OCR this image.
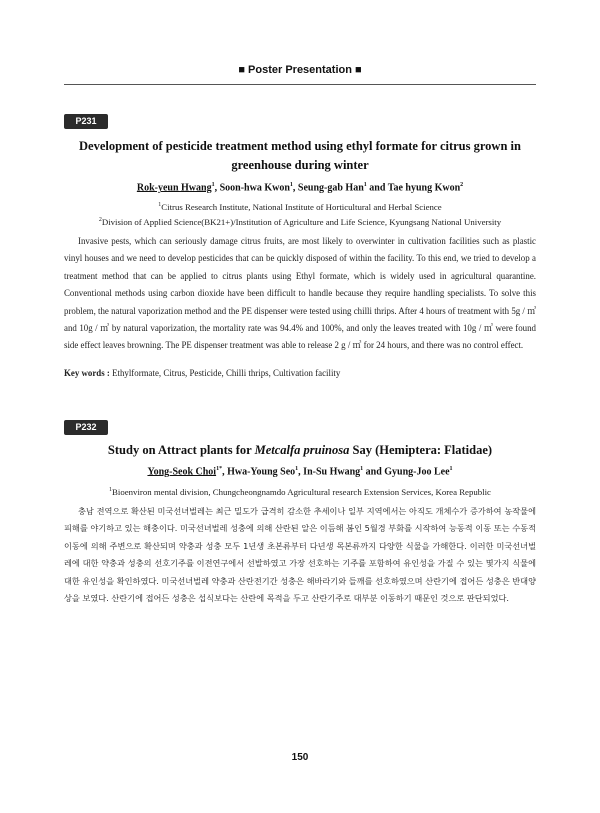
■ Poster Presentation ■
P231
Development of pesticide treatment method using ethyl formate for citrus grown in greenhouse during winter
Rok-yeun Hwang$^1$, Soon-hwa Kwon$^1$, Seung-gab Han$^1$ and Tae hyung Kwon$^2$
$^1$Citrus Research Institute, National Institute of Horticultural and Herbal Science
$^2$Division of Applied Science(BK21+)/Institution of Agriculture and Life Science, Kyungsang National University

Invasive pests, which can seriously damage citrus fruits, are most likely to overwinter in cultivation facilities such as plastic vinyl houses and we need to develop pesticides that can be quickly disposed of within the facility. To this end, we tried to develop a treatment method that can be applied to citrus plants using Ethyl formate, which is widely used in agricultural quarantine. Conventional methods using carbon dioxide have been difficult to handle because they require handling specialists. To solve this problem, the natural vaporization method and the PE dispenser were tested using chilli thrips. After 4 hours of treatment with 5g / ㎥ and 10g / ㎥ by natural vaporization, the mortality rate was 94.4% and 100%, and only the leaves treated with 10g / ㎥ were found side effect leaves browning. The PE dispenser treatment was able to release 2 g / ㎥ for 24 hours, and there was no control effect.

Key words : Ethylformate, Citrus, Pesticide, Chilli thrips, Cultivation facility
P232
Study on Attract plants for Metcalfa pruinosa Say (Hemiptera: Flatidae)
Yong-Seok Choi$^{1*}$, Hwa-Young Seo$^1$, In-Su Hwang$^1$ and Gyung-Joo Lee$^1$
$^1$Bioenviron mental division, Chungcheongnamdo Agricultural research Extension Services, Korea Republic

충남 전역으로 확산된 미국선녀벌레는 최근 밀도가 급격히 감소한 추세이나 일부 지역에서는 아직도 개체수가 증가하여 농작물에 피해를 야기하고 있는 해충이다. 미국선녀벌레 성충에 의해 산란된 알은 이듬해 봄인 5월경 부화를 시작하여 능동적 이동 또는 수동적 이동에 의해 주변으로 확산되며 약충과 성충 모두 1년생 초본류부터 다년생 목본류까지 다양한 식물을 가해한다. 이러한 미국선녀벌레에 대한 약충과 성충의 선호기주를 이전연구에서 선발하였고 가장 선호하는 기주를 포함하여 유인성을 가질 수 있는 몇가지 식물에 대한 유인성을 확인하였다. 미국선녀벌레 약충과 산란전기간 성충은 해바라기와 들깨를 선호하였으며 산란기에 접어든 성충은 반대양상을 보였다. 산란기에 접어든 성충은 섭식보다는 산란에 목적을 두고 산란기주로 대부분 이동하기 때문인 것으로 판단되었다.

150
